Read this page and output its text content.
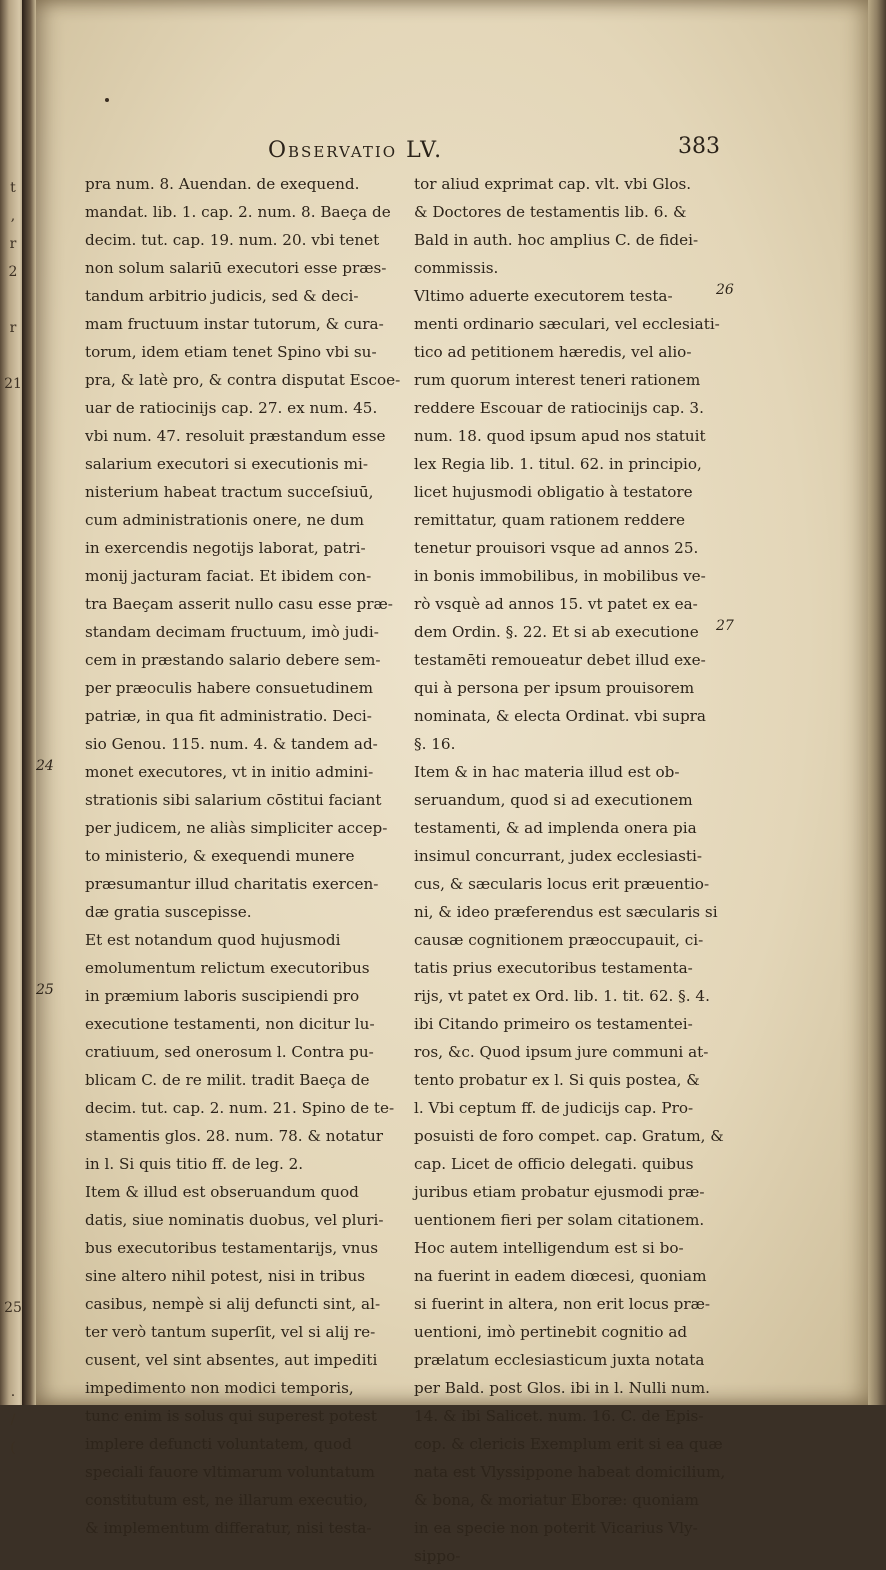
Observatio LV.	383
pra num. 8. Auendan. de exequend.
mandat. lib. 1. cap. 2. num. 8. Baeça de
decim. tut. cap. 19. num. 20. vbi tenet
non solum salariū executori esse præs-
tandum arbitrio judicis, sed & deci-
mam fructuum instar tutorum, & cura-
torum, idem etiam tenet Spino vbi su-
pra, & latè pro, & contra disputat Escoe-
uar de ratiocinijs cap. 27. ex num. 45.
vbi num. 47. resoluit præstandum esse
salarium executori si executionis mi-
nisterium habeat tractum succeſsiuū,
cum administrationis onere, ne dum
in exercendis negotijs laborat, patri-
monij jacturam faciat. Et ibidem con-
tra Baeçam asserit nullo casu esse præ-
standam decimam fructuum, imò judi-
cem in præstando salario debere sem-
per præoculis habere consuetudinem
patriæ, in qua fit administratio. Deci-
sio Genou. 115. num. 4. & tandem ad-
monet executores, vt in initio admini-
strationis sibi salarium cōstitui faciant
per judicem, ne aliàs simpliciter accep-
to ministerio, & exequendi munere
præsumantur illud charitatis exercen-
dæ gratia suscepisse.
Et est notandum quod hujusmodi
emolumentum relictum executoribus
in præmium laboris suscipiendi pro
executione testamenti, non dicitur lu-
cratiuum, sed onerosum l. Contra pu-
blicam C. de re milit. tradit Baeça de
decim. tut. cap. 2. num. 21. Spino de te-
stamentis glos. 28. num. 78. & notatur
in l. Si quis titio ff. de leg. 2.
Item & illud est obseruandum quod
datis, siue nominatis duobus, vel pluri-
bus executoribus testamentarijs, vnus
sine altero nihil potest, nisi in tribus
casibus, nempè si alij defuncti sint, al-
ter verò tantum superſit, vel si alij re-
cusent, vel sint absentes, aut impediti
impedimento non modici temporis,
tunc enim is solus qui superest potest
implere defuncti voluntatem, quod
speciali fauore vltimarum voluntatum
constitutum est, ne illarum executio,
& implementum differatur, nisi testa-
tor aliud exprimat cap. vlt. vbi Glos.
& Doctores de testamentis lib. 6. &
Bald in auth. hoc amplius C. de fidei-
commissis.
Vltimo aduerte executorem testa-
menti ordinario sæculari, vel ecclesiati-
tico ad petitionem hæredis, vel alio-
rum quorum interest teneri rationem
reddere Escouar de ratiocinijs cap. 3.
num. 18. quod ipsum apud nos statuit
lex Regia lib. 1. titul. 62. in principio,
licet hujusmodi obligatio à testatore
remittatur, quam rationem reddere
tenetur prouisori vsque ad annos 25.
in bonis immobilibus, in mobilibus ve-
rò vsquè ad annos 15. vt patet ex ea-
dem Ordin. §. 22. Et si ab executione
testamēti remoueatur debet illud exe-
qui à persona per ipsum prouisorem
nominata, & electa Ordinat. vbi supra
§. 16.
Item & in hac materia illud est ob-
seruandum, quod si ad executionem
testamenti, & ad implenda onera pia
insimul concurrant, judex ecclesiasti-
cus, & sæcularis locus erit præuentio-
ni, & ideo præferendus est sæcularis si
causæ cognitionem præoccupauit, ci-
tatis prius executoribus testamenta-
rijs, vt patet ex Ord. lib. 1. tit. 62. §. 4.
ibi Citando primeiro os testamentei-
ros, &c. Quod ipsum jure communi at-
tento probatur ex l. Si quis postea, &
l. Vbi ceptum ff. de judicijs cap. Pro-
posuisti de foro compet. cap. Gratum, &
cap. Licet de officio delegati. quibus
juribus etiam probatur ejusmodi præ-
uentionem fieri per solam citationem.
Hoc autem intelligendum est si bo-
na fuerint in eadem diœcesi, quoniam
si fuerint in altera, non erit locus præ-
uentioni, imò pertinebit cognitio ad
prælatum ecclesiasticum juxta notata
per Bald. post Glos. ibi in l. Nulli num.
14. & ibi Salicet. num. 16. C. de Epis-
cop. & clericis Exemplum erit si ea quæ
nata est Vlyssippone habeat domicilium,
& bona, & moriatur Eboræ: quoniam
in ea specie non poterit Vicarius Vly-
sippo-
24
25
26
27
t
,
r
2
r
21
25
.
/
(
